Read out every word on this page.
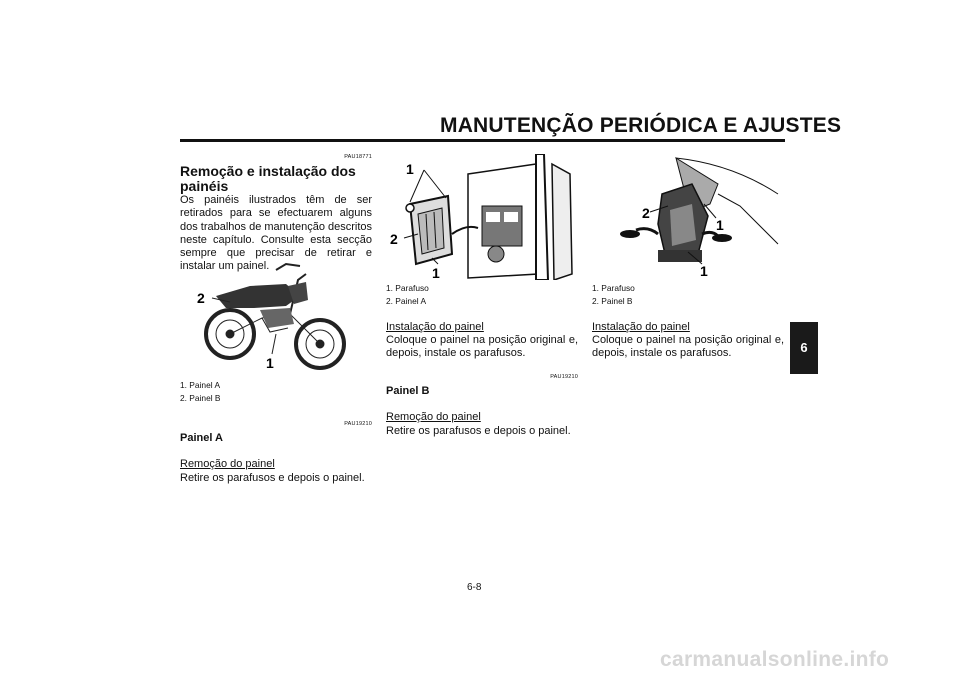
MANUTENÇÃO PERIÓDICA E AJUSTES
PAU18771
Remoção e instalação dos painéis
Os painéis ilustrados têm de ser retirados para se efectuarem alguns dos trabalhos de manutenção descritos neste capítulo. Consulte esta secção sempre que precisar de retirar e instalar um painel.
2
1
1. Painel A
2. Painel B
PAU19210
Painel A
Remoção do painel
Retire os parafusos e depois o painel.
1
2
1
1. Parafuso
2. Painel A
Instalação do painel
Coloque o painel na posição original e, depois, instale os parafusos.
PAU19210
Painel B
Remoção do painel
Retire os parafusos e depois o painel.
2
1
1
1. Parafuso
2. Painel B
Instalação do painel
Coloque o painel na posição original e, depois, instale os parafusos.	6
6-8
carmanualsonline.info
